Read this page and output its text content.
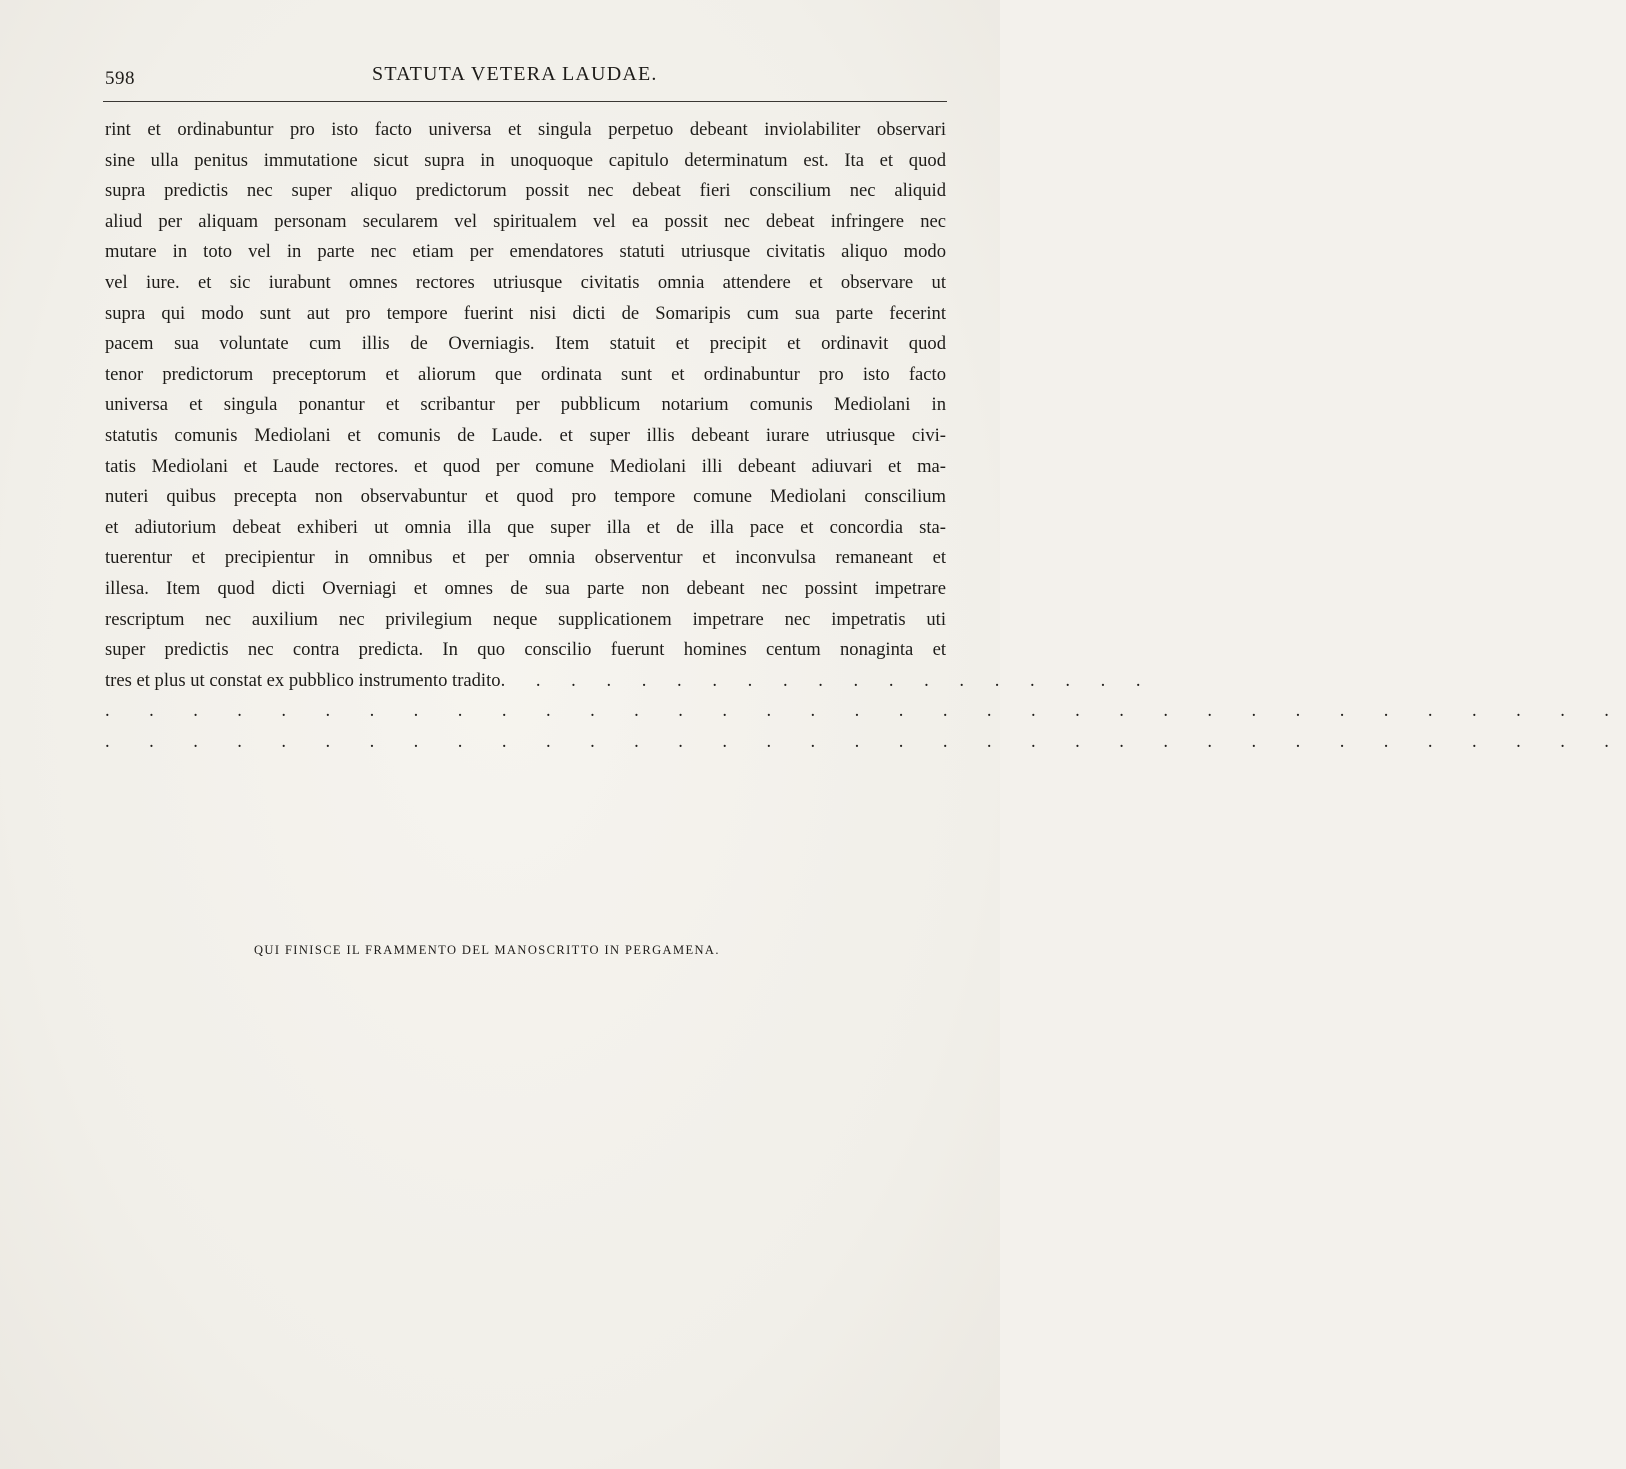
598	STATUTA VETERA LAUDAE.
rint et ordinabuntur pro isto facto universa et singula perpetuo debeant inviolabiliter observari
sine ulla penitus immutatione sicut supra in unoquoque capitulo determinatum est. Ita et quod
supra predictis nec super aliquo predictorum possit nec debeat fieri conscilium nec aliquid
aliud per aliquam personam secularem vel spiritualem vel ea possit nec debeat infringere nec
mutare in toto vel in parte nec etiam per emendatores statuti utriusque civitatis aliquo modo
vel iure. et sic iurabunt omnes rectores utriusque civitatis omnia attendere et observare ut
supra qui modo sunt aut pro tempore fuerint nisi dicti de Somaripis cum sua parte fecerint
pacem sua voluntate cum illis de Overniagis. Item statuit et precipit et ordinavit quod
tenor predictorum preceptorum et aliorum que ordinata sunt et ordinabuntur pro isto facto
universa et singula ponantur et scribantur per pubblicum notarium comunis Mediolani in
statutis comunis Mediolani et comunis de Laude. et super illis debeant iurare utriusque civi-
tatis Mediolani et Laude rectores. et quod per comune Mediolani illi debeant adiuvari et ma-
nuteri quibus precepta non observabuntur et quod pro tempore comune Mediolani conscilium
et adiutorium debeat exhiberi ut omnia illa que super illa et de illa pace et concordia sta-
tuerentur et precipientur in omnibus et per omnia observentur et inconvulsa remaneant et
illesa. Item quod dicti Overniagi et omnes de sua parte non debeant nec possint impetrare
rescriptum nec auxilium nec privilegium neque supplicationem impetrare nec impetratis uti
super predictis nec contra predicta. In quo conscilio fuerunt homines centum nonaginta et
tres et plus ut constat ex pubblico instrumento tradito. . . . . . . . . . . . . . . . . . .
. . . . . . . . . . . . . . . . . . . . . . . . . . . . . . . . . . .
. . . . . . . . . . . . . . . . . . . . . . . . . . . . . . . . . . .
QUI FINISCE IL FRAMMENTO DEL MANOSCRITTO IN PERGAMENA.
